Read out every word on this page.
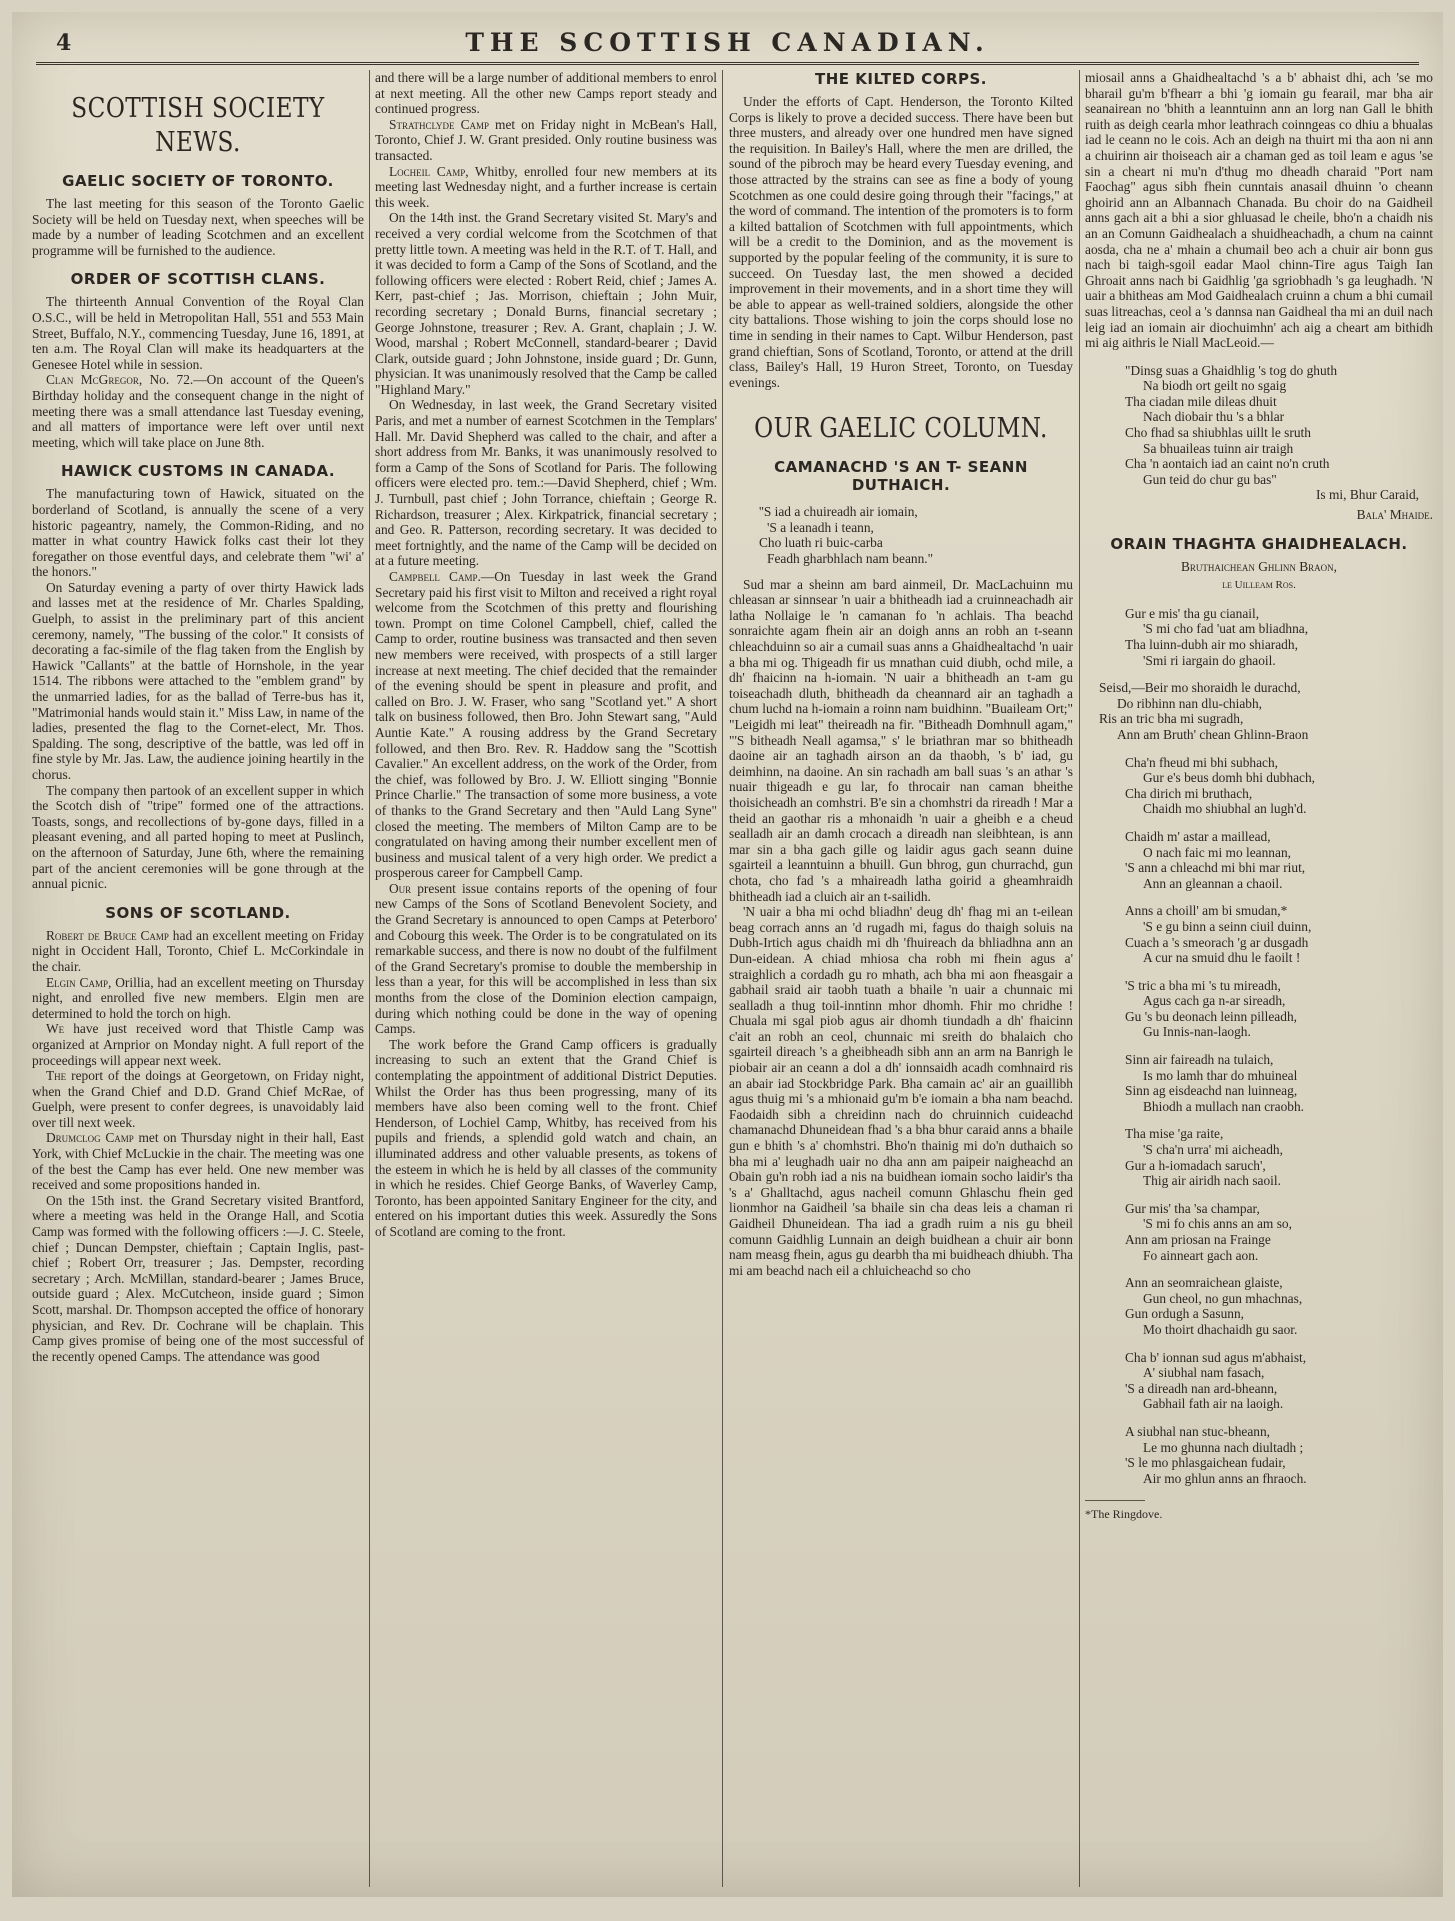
4	THE SCOTTISH CANADIAN.
SCOTTISH SOCIETY NEWS.
GAELIC SOCIETY OF TORONTO.

The last meeting for this season of the Toronto Gaelic Society will be held on Tuesday next, when speeches will be made by a number of leading Scotchmen and an excellent programme will be furnished to the audience.

ORDER OF SCOTTISH CLANS.

The thirteenth Annual Convention of the Royal Clan O.S.C., will be held in Metropolitan Hall, 551 and 553 Main Street, Buffalo, N.Y., commencing Tuesday, June 16, 1891, at ten a.m. The Royal Clan will make its headquarters at the Genesee Hotel while in session.

Clan McGregor, No. 72.—On account of the Queen's Birthday holiday and the consequent change in the night of meeting there was a small attendance last Tuesday evening, and all matters of importance were left over until next meeting, which will take place on June 8th.

HAWICK CUSTOMS IN CANADA.

The manufacturing town of Hawick, situated on the borderland of Scotland, is annually the scene of a very historic pageantry, namely, the Common-Riding, and no matter in what country Hawick folks cast their lot they foregather on those eventful days, and celebrate them "wi' a' the honors."

On Saturday evening a party of over thirty Hawick lads and lasses met at the residence of Mr. Charles Spalding, Guelph, to assist in the preliminary part of this ancient ceremony, namely, "The bussing of the color." It consists of decorating a fac-simile of the flag taken from the English by Hawick "Callants" at the battle of Hornshole, in the year 1514. The ribbons were attached to the "emblem grand" by the unmarried ladies, for as the ballad of Terre-bus has it, "Matrimonial hands would stain it." Miss Law, in name of the ladies, presented the flag to the Cornet-elect, Mr. Thos. Spalding. The song, descriptive of the battle, was led off in fine style by Mr. Jas. Law, the audience joining heartily in the chorus.

The company then partook of an excellent supper in which the Scotch dish of "tripe" formed one of the attractions. Toasts, songs, and recollections of by-gone days, filled in a pleasant evening, and all parted hoping to meet at Puslinch, on the afternoon of Saturday, June 6th, where the remaining part of the ancient ceremonies will be gone through at the annual picnic.

SONS OF SCOTLAND.

Robert de Bruce Camp had an excellent meeting on Friday night in Occident Hall, Toronto, Chief L. McCorkindale in the chair.

Elgin Camp, Orillia, had an excellent meeting on Thursday night, and enrolled five new members. Elgin men are determined to hold the torch on high.

We have just received word that Thistle Camp was organized at Arnprior on Monday night. A full report of the proceedings will appear next week.

The report of the doings at Georgetown, on Friday night, when the Grand Chief and D.D. Grand Chief McRae, of Guelph, were present to confer degrees, is unavoidably laid over till next week.

Drumclog Camp met on Thursday night in their hall, East York, with Chief McLuckie in the chair. The meeting was one of the best the Camp has ever held. One new member was received and some propositions handed in.

On the 15th inst. the Grand Secretary visited Brantford, where a meeting was held in the Orange Hall, and Scotia Camp was formed with the following officers :—J. C. Steele, chief ; Duncan Dempster, chieftain ; Captain Inglis, past-chief ; Robert Orr, treasurer ; Jas. Dempster, recording secretary ; Arch. McMillan, standard-bearer ; James Bruce, outside guard ; Alex. McCutcheon, inside guard ; Simon Scott, marshal. Dr. Thompson accepted the office of honorary physician, and Rev. Dr. Cochrane will be chaplain. This Camp gives promise of being one of the most successful of the recently opened Camps. The attendance was good

and there will be a large number of additional members to enrol at next meeting. All the other new Camps report steady and continued progress.

Strathclyde Camp met on Friday night in McBean's Hall, Toronto, Chief J. W. Grant presided. Only routine business was transacted.

Locheil Camp, Whitby, enrolled four new members at its meeting last Wednesday night, and a further increase is certain this week.

On the 14th inst. the Grand Secretary visited St. Mary's and received a very cordial welcome from the Scotchmen of that pretty little town. A meeting was held in the R.T. of T. Hall, and it was decided to form a Camp of the Sons of Scotland, and the following officers were elected : Robert Reid, chief ; James A. Kerr, past-chief ; Jas. Morrison, chieftain ; John Muir, recording secretary ; Donald Burns, financial secretary ; George Johnstone, treasurer ; Rev. A. Grant, chaplain ; J. W. Wood, marshal ; Robert McConnell, standard-bearer ; David Clark, outside guard ; John Johnstone, inside guard ; Dr. Gunn, physician. It was unanimously resolved that the Camp be called "Highland Mary."

On Wednesday, in last week, the Grand Secretary visited Paris, and met a number of earnest Scotchmen in the Templars' Hall. Mr. David Shepherd was called to the chair, and after a short address from Mr. Banks, it was unanimously resolved to form a Camp of the Sons of Scotland for Paris. The following officers were elected pro. tem.:—David Shepherd, chief ; Wm. J. Turnbull, past chief ; John Torrance, chieftain ; George R. Richardson, treasurer ; Alex. Kirkpatrick, financial secretary ; and Geo. R. Patterson, recording secretary. It was decided to meet fortnightly, and the name of the Camp will be decided on at a future meeting.

Campbell Camp.—On Tuesday in last week the Grand Secretary paid his first visit to Milton and received a right royal welcome from the Scotchmen of this pretty and flourishing town. Prompt on time Colonel Campbell, chief, called the Camp to order, routine business was transacted and then seven new members were received, with prospects of a still larger increase at next meeting. The chief decided that the remainder of the evening should be spent in pleasure and profit, and called on Bro. J. W. Fraser, who sang "Scotland yet." A short talk on business followed, then Bro. John Stewart sang, "Auld Auntie Kate." A rousing address by the Grand Secretary followed, and then Bro. Rev. R. Haddow sang the "Scottish Cavalier." An excellent address, on the work of the Order, from the chief, was followed by Bro. J. W. Elliott singing "Bonnie Prince Charlie." The transaction of some more business, a vote of thanks to the Grand Secretary and then "Auld Lang Syne" closed the meeting. The members of Milton Camp are to be congratulated on having among their number excellent men of business and musical talent of a very high order. We predict a prosperous career for Campbell Camp.

Our present issue contains reports of the opening of four new Camps of the Sons of Scotland Benevolent Society, and the Grand Secretary is announced to open Camps at Peterboro' and Cobourg this week. The Order is to be congratulated on its remarkable success, and there is now no doubt of the fulfilment of the Grand Secretary's promise to double the membership in less than a year, for this will be accomplished in less than six months from the close of the Dominion election campaign, during which nothing could be done in the way of opening Camps.

The work before the Grand Camp officers is gradually increasing to such an extent that the Grand Chief is contemplating the appointment of additional District Deputies. Whilst the Order has thus been progressing, many of its members have also been coming well to the front. Chief Henderson, of Lochiel Camp, Whitby, has received from his pupils and friends, a splendid gold watch and chain, an illuminated address and other valuable presents, as tokens of the esteem in which he is held by all classes of the community in which he resides. Chief George Banks, of Waverley Camp, Toronto, has been appointed Sanitary Engineer for the city, and entered on his important duties this week. Assuredly the Sons of Scotland are coming to the front.

THE KILTED CORPS.

Under the efforts of Capt. Henderson, the Toronto Kilted Corps is likely to prove a decided success. There have been but three musters, and already over one hundred men have signed the requisition. In Bailey's Hall, where the men are drilled, the sound of the pibroch may be heard every Tuesday evening, and those attracted by the strains can see as fine a body of young Scotchmen as one could desire going through their "facings," at the word of command. The intention of the promoters is to form a kilted battalion of Scotchmen with full appointments, which will be a credit to the Dominion, and as the movement is supported by the popular feeling of the community, it is sure to succeed. On Tuesday last, the men showed a decided improvement in their movements, and in a short time they will be able to appear as well-trained soldiers, alongside the other city battalions. Those wishing to join the corps should lose no time in sending in their names to Capt. Wilbur Henderson, past grand chieftian, Sons of Scotland, Toronto, or attend at the drill class, Bailey's Hall, 19 Huron Street, Toronto, on Tuesday evenings.

OUR GAELIC COLUMN.
CAMANACHD 'S AN T- SEANN DUTHAICH.

''S iad a chuireadh air iomain,

'S a leanadh i teann,

Cho luath ri buic-carba

Feadh gharbhlach nam beann."

Sud mar a sheinn am bard ainmeil, Dr. MacLachuinn mu chleasan ar sinnsear 'n uair a bhitheadh iad a cruinneachadh air latha Nollaige le 'n camanan fo 'n achlais. Tha beachd sonraichte agam fhein air an doigh anns an robh an t-seann chleachduinn so air a cumail suas anns a Ghaidhealtachd 'n uair a bha mi og. Thigeadh fir us mnathan cuid diubh, ochd mile, a dh' fhaicinn na h-iomain. 'N uair a bhitheadh an t-am gu toiseachadh dluth, bhitheadh da cheannard air an taghadh a chum luchd na h-iomain a roinn nam buidhinn. "Buaileam Ort;" "Leigidh mi leat" theireadh na fir. "Bitheadh Domhnull agam," "'S bitheadh Neall agamsa," s' le briathran mar so bhitheadh daoine air an taghadh airson an da thaobh, 's b' iad, gu deimhinn, na daoine. An sin rachadh am ball suas 's an athar 's nuair thigeadh e gu lar, fo throcair nan caman bheithe thoisicheadh an comhstri. B'e sin a chomhstri da rireadh ! Mar a theid an gaothar ris a mhonaidh 'n uair a gheibh e a cheud sealladh air an damh crocach a direadh nan sleibhtean, is ann mar sin a bha gach gille og laidir agus gach seann duine sgairteil a leanntuinn a bhuill. Gun bhrog, gun churrachd, gun chota, cho fad 's a mhaireadh latha goirid a gheamhraidh bhitheadh iad a cluich air an t-sailidh.

'N uair a bha mi ochd bliadhn' deug dh' fhag mi an t-eilean beag corrach anns an 'd rugadh mi, fagus do thaigh soluis na Dubh-Irtich agus chaidh mi dh 'fhuireach da bhliadhna ann an Dun-eidean. A chiad mhiosa cha robh mi fhein agus a' straighlich a cordadh gu ro mhath, ach bha mi aon fheasgair a gabhail sraid air taobh tuath a bhaile 'n uair a chunnaic mi sealladh a thug toil-inntinn mhor dhomh. Fhir mo chridhe ! Chuala mi sgal piob agus air dhomh tiundadh a dh' fhaicinn c'ait an robh an ceol, chunnaic mi sreith do bhalaich cho sgairteil direach 's a gheibheadh sibh ann an arm na Banrigh le piobair air an ceann a dol a dh' ionnsaidh acadh comhnaird ris an abair iad Stockbridge Park. Bha camain ac' air an guaillibh agus thuig mi 's a mhionaid gu'm b'e iomain a bha nam beachd. Faodaidh sibh a chreidinn nach do chruinnich cuideachd chamanachd Dhuneidean fhad 's a bha bhur caraid anns a bhaile gun e bhith 's a' chomhstri. Bho'n thainig mi do'n duthaich so bha mi a' leughadh uair no dha ann am paipeir naigheachd an Obain gu'n robh iad a nis na buidhean iomain socho laidir's tha 's a' Ghalltachd, agus nacheil comunn Ghlaschu fhein ged lionmhor na Gaidheil 'sa bhaile sin cha deas leis a chaman ri Gaidheil Dhuneidean. Tha iad a gradh ruim a nis gu bheil comunn Gaidhlig Lunnain an deigh buidhean a chuir air bonn nam measg fhein, agus gu dearbh tha mi buidheach dhiubh. Tha mi am beachd nach eil a chluicheachd so cho

miosail anns a Ghaidhealtachd 's a b' abhaist dhi, ach 'se mo bharail gu'm b'fhearr a bhi 'g iomain gu fearail, mar bha air seanairean no 'bhith a leanntuinn ann an lorg nan Gall le bhith ruith as deigh cearla mhor leathrach coinngeas co dhiu a bhualas iad le ceann no le cois. Ach an deigh na thuirt mi tha aon ni ann a chuirinn air thoiseach air a chaman ged as toil leam e agus 'se sin a cheart ni mu'n d'thug mo dheadh charaid "Port nam Faochag" agus sibh fhein cunntais anasail dhuinn 'o cheann ghoirid ann an Albannach Chanada. Bu choir do na Gaidheil anns gach ait a bhi a sior ghluasad le cheile, bho'n a chaidh nis an an Comunn Gaidhealach a shuidheachadh, a chum na cainnt aosda, cha ne a' mhain a chumail beo ach a chuir air bonn gus nach bi taigh-sgoil eadar Maol chinn-Tire agus Taigh Ian Ghroait anns nach bi Gaidhlig 'ga sgriobhadh 's ga leughadh. 'N uair a bhitheas am Mod Gaidhealach cruinn a chum a bhi cumail suas litreachas, ceol a 's dannsa nan Gaidheal tha mi an duil nach leig iad an iomain air diochuimhn' ach aig a cheart am bithidh mi aig aithris le Niall MacLeoid.—

"Dinsg suas a Ghaidhlig 's tog do ghuth

Na biodh ort geilt no sgaig

Tha ciadan mile dileas dhuit

Nach diobair thu 's a bhlar

Cho fhad sa shiubhlas uillt le sruth

Sa bhuaileas tuinn air traigh

Cha 'n aontaich iad an caint no'n cruth

Gun teid do chur gu bas"

Is mi, Bhur Caraid,

Bala' Mhaide.

ORAIN THAGHTA GHAIDHEALACH.

Bruthaichean Ghlinn Braon,

le Uilleam Ros.

Gur e mis' tha gu cianail,

'S mi cho fad 'uat am bliadhna,

Tha luinn-dubh air mo shiaradh,

'Smi ri iargain do ghaoil.

Seisd,—Beir mo shoraidh le durachd,

Do ribhinn nan dlu-chiabh,

Ris an tric bha mi sugradh,

Ann am Bruth' chean Ghlinn-Braon

Cha'n fheud mi bhi subhach,

Gur e's beus domh bhi dubhach,

Cha dirich mi bruthach,

Chaidh mo shiubhal an lugh'd.

Chaidh m' astar a maillead,

O nach faic mi mo leannan,

'S ann a chleachd mi bhi mar riut,

Ann an gleannan a chaoil.

Anns a choill' am bi smudan,*

'S e gu binn a seinn ciuil duinn,

Cuach a 's smeorach 'g ar dusgadh

A cur na smuid dhu le faoilt !

'S tric a bha mi 's tu mireadh,

Agus cach ga n-ar sireadh,

Gu 's bu deonach leinn pilleadh,

Gu Innis-nan-laogh.

Sinn air faireadh na tulaich,

Is mo lamh thar do mhuineal

Sinn ag eisdeachd nan luinneag,

Bhiodh a mullach nan craobh.

Tha mise 'ga raite,

'S cha'n urra' mi aicheadh,

Gur a h-iomadach saruch',

Thig air airidh nach saoil.

Gur mis' tha 'sa champar,

'S mi fo chis anns an am so,

Ann am priosan na Frainge

Fo ainneart gach aon.

Ann an seomraichean glaiste,

Gun cheol, no gun mhachnas,

Gun ordugh a Sasunn,

Mo thoirt dhachaidh gu saor.

Cha b' ionnan sud agus m'abhaist,

A' siubhal nam fasach,

'S a direadh nan ard-bheann,

Gabhail fath air na laoigh.

A siubhal nan stuc-bheann,

Le mo ghunna nach diultadh ;

'S le mo phlasgaichean fudair,

Air mo ghlun anns an fhraoch.

*The Ringdove.
